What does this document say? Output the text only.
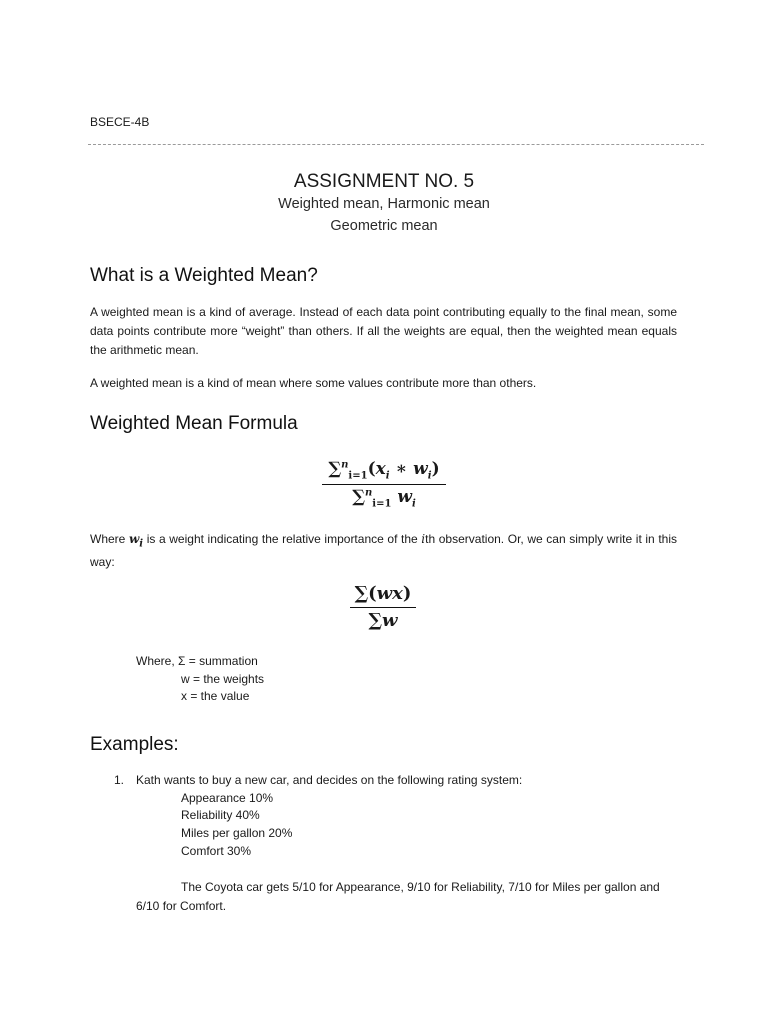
BSECE-4B
ASSIGNMENT NO. 5
Weighted mean, Harmonic mean
Geometric mean
What is a Weighted Mean?

A weighted mean is a kind of average. Instead of each data point contributing equally to the final mean, some data points contribute more “weight” than others. If all the weights are equal, then the weighted mean equals the arithmetic mean.

A weighted mean is a kind of mean where some values contribute more than others.

Weighted Mean Formula
$\sum^n_{i=1}(x_i$ ∗ $w_i$)
∑$^n_{i=1}$ $w_i$

Where $w_i$ is a weight indicating the relative importance of the ith observation. Or, we can simply write it in this way:

∑(wx)
∑w
Where, Σ = summation
w = the weights
x = the value
Examples:
1. Kath wants to buy a new car, and decides on the following rating system:
Appearance 10%
Reliability 40%
Miles per gallon 20%
Comfort 30%

The Coyota car gets 5/10 for Appearance, 9/10 for Reliability, 7/10 for Miles per gallon and 6/10 for Comfort.
